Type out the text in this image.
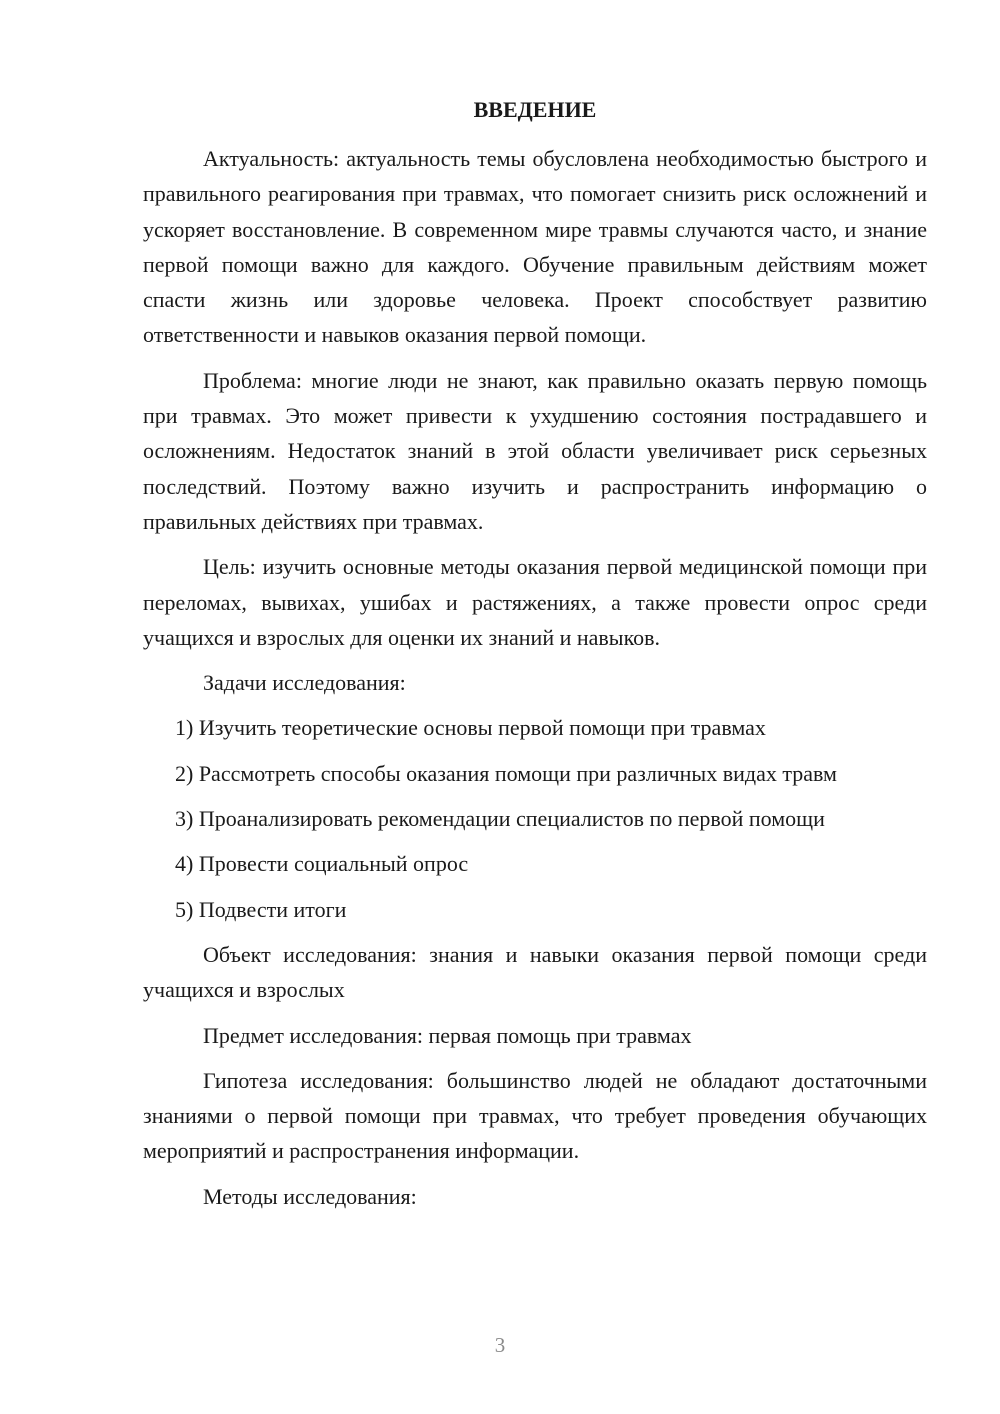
ВВЕДЕНИЕ

Актуальность: актуальность темы обусловлена необходимостью быстрого и правильного реагирования при травмах, что помогает снизить риск осложнений и ускоряет восстановление. В современном мире травмы случаются часто, и знание первой помощи важно для каждого. Обучение правильным действиям может спасти жизнь или здоровье человека. Проект способствует развитию ответственности и навыков оказания первой помощи.

Проблема: многие люди не знают, как правильно оказать первую помощь при травмах. Это может привести к ухудшению состояния пострадавшего и осложнениям. Недостаток знаний в этой области увеличивает риск серьезных последствий. Поэтому важно изучить и распространить информацию о правильных действиях при травмах.

Цель: изучить основные методы оказания первой медицинской помощи при переломах, вывихах, ушибах и растяжениях, а также провести опрос среди учащихся и взрослых для оценки их знаний и навыков.

Задачи исследования:

1) Изучить теоретические основы первой помощи при травмах
2) Рассмотреть способы оказания помощи при различных видах травм
3) Проанализировать рекомендации специалистов по первой помощи
4) Провести социальный опрос
5) Подвести итоги

Объект исследования: знания и навыки оказания первой помощи среди учащихся и взрослых

Предмет исследования: первая помощь при травмах

Гипотеза исследования: большинство людей не обладают достаточными знаниями о первой помощи при травмах, что требует проведения обучающих мероприятий и распространения информации.

Методы исследования:

3
